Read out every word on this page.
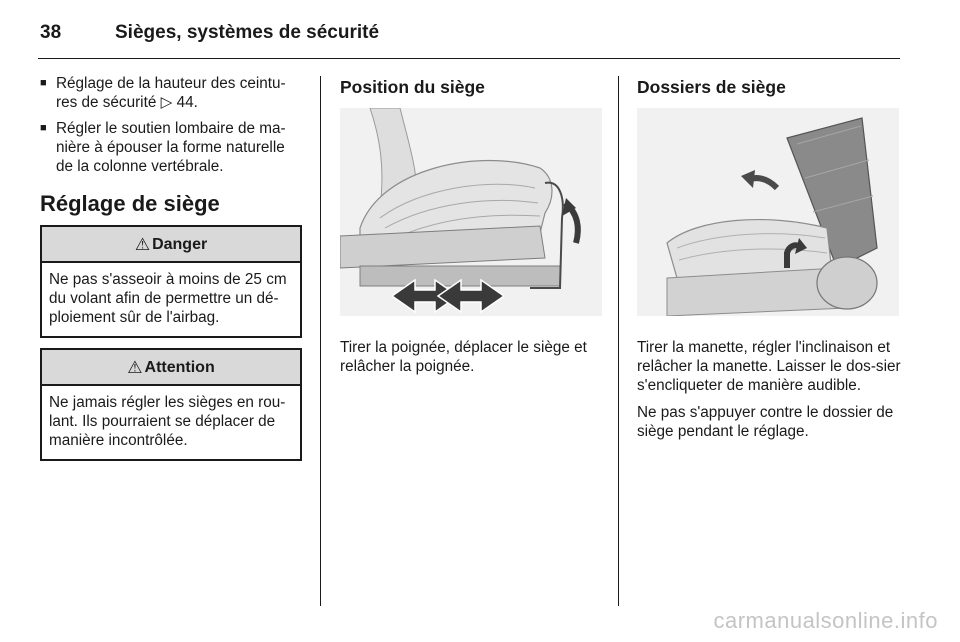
38	Sièges, systèmes de sécurité
■ Réglage de la hauteur des ceintu-res de sécurité ▷ 44.
■ Régler le soutien lombaire de ma-nière à épouser la forme naturelle de la colonne vertébrale.
Réglage de siège
⚠ Danger
Ne pas s'asseoir à moins de 25 cm du volant afin de permettre un dé-ploiement sûr de l'airbag.
⚠ Attention
Ne jamais régler les sièges en rou-lant. Ils pourraient se déplacer de manière incontrôlée.
Position du siège
Tirer la poignée, déplacer le siège et relâcher la poignée.
Dossiers de siège
Tirer la manette, régler l'inclinaison et relâcher la manette. Laisser le dos-sier s'encliqueter de manière audible.
Ne pas s'appuyer contre le dossier de siège pendant le réglage.
carmanualsonline.info
